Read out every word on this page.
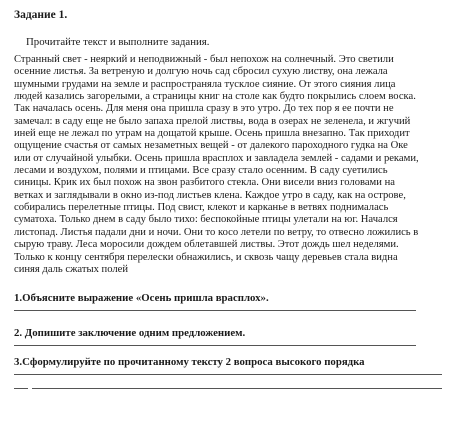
Задание 1.
Прочитайте текст и выполните задания.
Странный свет - неяркий и неподвижный - был непохож на солнечный. Это светили
осенние листья. За ветреную и долгую ночь сад сбросил сухую листву, она лежала
шумными грудами на земле и распространяла тусклое сияние. От этого сияния лица
людей казались загорелыми, а страницы книг на столе как будто покрылись слоем воска.
Так началась осень. Для меня она пришла сразу в это утро. До тех пор я ее почти не
замечал: в саду еще не было запаха прелой листвы, вода в озерах не зеленела, и жгучий
иней еще не лежал по утрам на дощатой крыше. Осень пришла внезапно. Так приходит
ощущение счастья от самых незаметных вещей - от далекого пароходного гудка на Оке
или от случайной улыбки. Осень пришла врасплох и завладела землей - садами и реками,
лесами и воздухом, полями и птицами. Все сразу стало осенним. В саду суетились
синицы. Крик их был похож на звон разбитого стекла. Они висели вниз головами на
ветках и заглядывали в окно из-под листьев клена. Каждое утро в саду, как на острове,
собирались перелетные птицы. Под свист, клекот и карканье в ветвях поднималась
суматоха. Только днем в саду было тихо: беспокойные птицы улетали на юг. Начался
листопад. Листья падали дни и ночи. Они то косо летели по ветру, то отвесно ложились в
сырую траву. Леса моросили дождем облетавшей листвы. Этот дождь шел неделями.
Только к концу сентября перелески обнажились, и сквозь чащу деревьев стала видна
синяя даль сжатых полей
1.Объясните выражение «Осень пришла врасплох».
2. Допишите заключение одним предложением.
3.Сформулируйте по прочитанному тексту 2 вопроса высокого порядка
